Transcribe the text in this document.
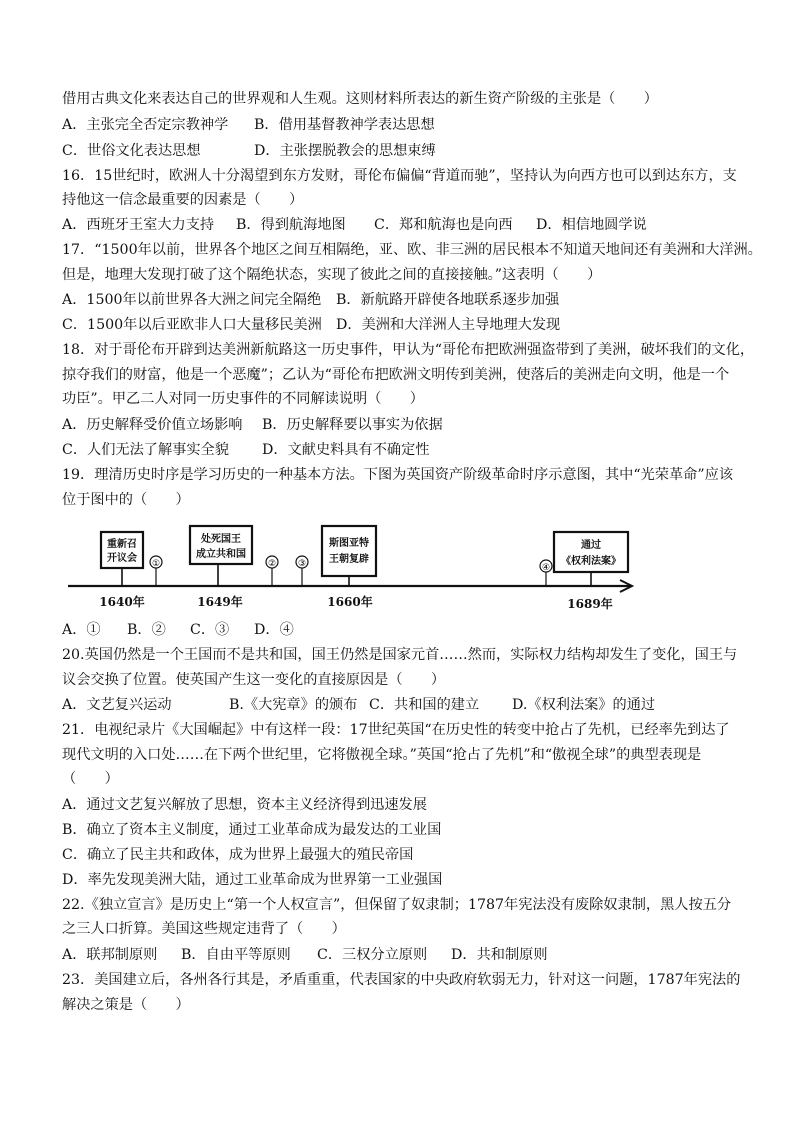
借用古典文化来表达自己的世界观和人生观。这则材料所表达的新生资产阶级的主张是（　　）
A．主张完全否定宗教神学 B．借用基督教神学表达思想
C．世俗文化表达思想	D．主张摆脱教会的思想束缚
16．15世纪时，欧洲人十分渴望到东方发财，哥伦布偏偏“背道而驰”，坚持认为向西方也可以到达东方，支
持他这一信念最重要的因素是（　　）
A．西班牙王室大力支持 B．得到航海地图 C．郑和航海也是向西 D．相信地圆学说
17．“1500年以前，世界各个地区之间互相隔绝，亚、欧、非三洲的居民根本不知道天地间还有美洲和大洋洲。
但是，地理大发现打破了这个隔绝状态，实现了彼此之间的直接接触。”这表明（　　）
A．1500年以前世界各大洲之间完全隔绝 B．新航路开辟使各地联系逐步加强
C．1500年以后亚欧非人口大量移民美洲 D．美洲和大洋洲人主导地理大发现
18．对于哥伦布开辟到达美洲新航路这一历史事件，甲认为“哥伦布把欧洲强盗带到了美洲，破坏我们的文化，
掠夺我们的财富，他是一个恶魔”；乙认为“哥伦布把欧洲文明传到美洲，使落后的美洲走向文明，他是一个
功臣”。甲乙二人对同一历史事件的不同解读说明（　　）
A．历史解释受价值立场影响 B．历史解释要以事实为依据
C．人们无法了解事实全貌 D．文献史料具有不确定性
19．理清历史时序是学习历史的一种基本方法。下图为英国资产阶级革命时序示意图，其中“光荣革命”应该
位于图中的（　　）
重新召
开议会 ①
处死国王
成立共和国
② ③
斯图亚特
王朝复辟
④
通过
《权利法案》
1640年	1649年	1660年	1689年
A．① B．② C．③ D．④
20.英国仍然是一个王国而不是共和国，国王仍然是国家元首……然而，实际权力结构却发生了变化，国王与
议会交换了位置。使英国产生这一变化的直接原因是（　　）
A．文艺复兴运动	B.《大宪章》的颁布 C．共和国的建立 D.《权利法案》的通过
21．电视纪录片《大国崛起》中有这样一段：17世纪英国“在历史性的转变中抢占了先机，已经率先到达了
现代文明的入口处……在下两个世纪里，它将傲视全球。”英国“抢占了先机”和“傲视全球”的典型表现是
（　　）
A．通过文艺复兴解放了思想，资本主义经济得到迅速发展
B．确立了资本主义制度，通过工业革命成为最发达的工业国
C．确立了民主共和政体，成为世界上最强大的殖民帝国
D．率先发现美洲大陆，通过工业革命成为世界第一工业强国
22.《独立宣言》是历史上“第一个人权宣言”，但保留了奴隶制；1787年宪法没有废除奴隶制，黑人按五分
之三人口折算。美国这些规定违背了（　　）
A．联邦制原则 B．自由平等原则 C．三权分立原则 D．共和制原则
23．美国建立后，各州各行其是，矛盾重重，代表国家的中央政府软弱无力，针对这一问题，1787年宪法的
解决之策是（　　）
